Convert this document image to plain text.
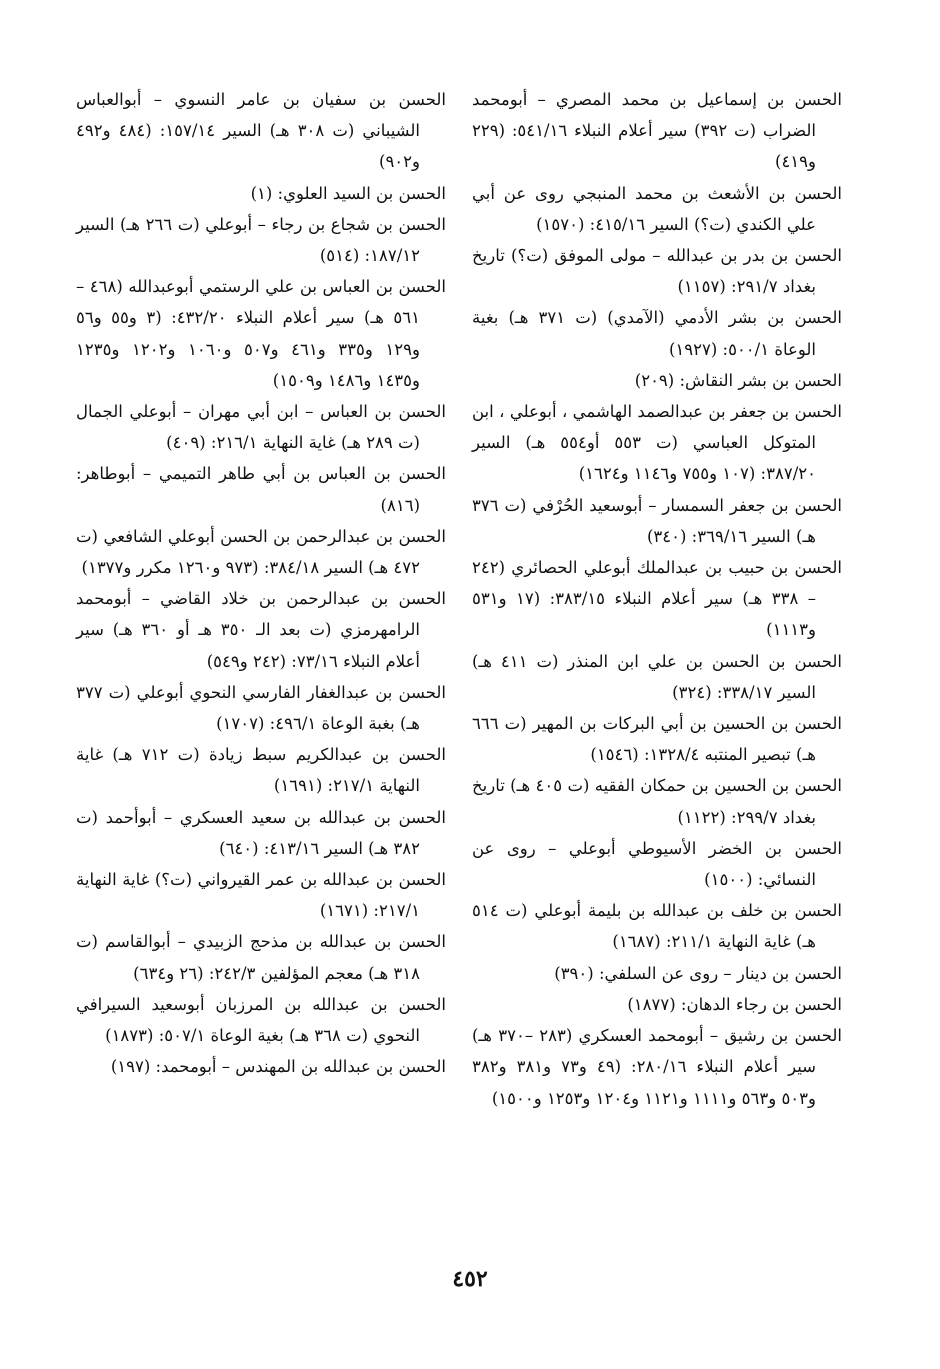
الحسن بن إسماعيل بن محمد المصري – أبومحمد الضراب (ت ٣٩٢) سير أعلام النبلاء ٥٤١/١٦: (٢٢٩ و٤١٩)

الحسن بن الأشعث بن محمد المنبجي روى عن أبي علي الكندي (ت؟) السير ٤١٥/١٦: (١٥٧٠)

الحسن بن بدر بن عبدالله – مولى الموفق (ت؟) تاريخ بغداد ٢٩١/٧: (١١٥٧)

الحسن بن بشر الأدمي (الآمدي) (ت ٣٧١ هـ) بغية الوعاة ٥٠٠/١: (١٩٢٧)

الحسن بن بشر النقاش: (٢٠٩)

الحسن بن جعفر بن عبدالصمد الهاشمي ، أبوعلي ، ابن المتوكل العباسي (ت ٥٥٣ أو٥٥٤ هـ) السير ٣٨٧/٢٠: (١٠٧ و٧٥٥ و١١٤٦ و١٦٢٤)

الحسن بن جعفر السمسار – أبوسعيد الحُرْفي (ت ٣٧٦ هـ) السير ٣٦٩/١٦: (٣٤٠)

الحسن بن حبيب بن عبدالملك أبوعلي الحصائري (٢٤٢ – ٣٣٨ هـ) سير أعلام النبلاء ٣٨٣/١٥: (١٧ و٥٣١ و١١١٣)

الحسن بن الحسن بن علي ابن المنذر (ت ٤١١ هـ) السير ٣٣٨/١٧: (٣٢٤)

الحسن بن الحسين بن أبي البركات بن المهير (ت ٦٦٦ هـ) تبصير المنتبه ١٣٢٨/٤: (١٥٤٦)

الحسن بن الحسين بن حمكان الفقيه (ت ٤٠٥ هـ) تاريخ بغداد ٢٩٩/٧: (١١٢٢)

الحسن بن الخضر الأسيوطي أبوعلي – روى عن النسائي: (١٥٠٠)

الحسن بن خلف بن عبدالله بن بليمة أبوعلي (ت ٥١٤ هـ) غاية النهاية ٢١١/١: (١٦٨٧)

الحسن بن دينار – روى عن السلفي: (٣٩٠)

الحسن بن رجاء الدهان: (١٨٧٧)

الحسن بن رشيق – أبومحمد العسكري (٢٨٣ –٣٧٠ هـ) سير أعلام النبلاء ٢٨٠/١٦: (٤٩ و٧٣ و٣٨١ و٣٨٢ و٥٠٣ و٥٦٣ و١١١١ و١١٢١ و١٢٠٤ و١٢٥٣ و١٥٠٠)

الحسن بن سفيان بن عامر النسوي – أبوالعباس الشيباني (ت ٣٠٨ هـ) السير ١٥٧/١٤: (٤٨٤ و٤٩٢ و٩٠٢)

الحسن بن السيد العلوي: (١)

الحسن بن شجاع بن رجاء – أبوعلي (ت ٢٦٦ هـ) السير ١٨٧/١٢: (٥١٤)

الحسن بن العباس بن علي الرستمي أبوعبدالله (٤٦٨ – ٥٦١ هـ) سير أعلام النبلاء ٤٣٢/٢٠: (٣ و٥٥ و٥٦ و١٢٩ و٣٣٥ و٤٦١ و٥٠٧ و١٠٦٠ و١٢٠٢ و١٢٣٥ و١٤٣٥ و١٤٨٦ و١٥٠٩)

الحسن بن العباس – ابن أبي مهران – أبوعلي الجمال (ت ٢٨٩ هـ) غاية النهاية ٢١٦/١: (٤٠٩)

الحسن بن العباس بن أبي طاهر التميمي – أبوطاهر: (٨١٦)

الحسن بن عبدالرحمن بن الحسن أبوعلي الشافعي (ت ٤٧٢ هـ) السير ٣٨٤/١٨: (٩٧٣ و١٢٦٠ مكرر و١٣٧٧)

الحسن بن عبدالرحمن بن خلاد القاضي – أبومحمد الرامهرمزي (ت بعد الـ ٣٥٠ هـ أو ٣٦٠ هـ) سير أعلام النبلاء ٧٣/١٦: (٢٤٢ و٥٤٩)

الحسن بن عبدالغفار الفارسي النحوي أبوعلي (ت ٣٧٧ هـ) بغبة الوعاة ٤٩٦/١: (١٧٠٧)

الحسن بن عبدالكريم سبط زيادة (ت ٧١٢ هـ) غاية النهاية ٢١٧/١: (١٦٩١)

الحسن بن عبدالله بن سعيد العسكري – أبوأحمد (ت ٣٨٢ هـ) السير ٤١٣/١٦: (٦٤٠)

الحسن بن عبدالله بن عمر القيرواني (ت؟) غاية النهاية ٢١٧/١: (١٦٧١)

الحسن بن عبدالله بن مذحج الزبيدي – أبوالقاسم (ت ٣١٨ هـ) معجم المؤلفين ٢٤٢/٣: (٢٦ و٦٣٤)

الحسن بن عبدالله بن المرزبان أبوسعيد السيرافي النحوي (ت ٣٦٨ هـ) بغية الوعاة ٥٠٧/١: (١٨٧٣)

الحسن بن عبدالله بن المهندس – أبومحمد: (١٩٧)

٤٥٢
